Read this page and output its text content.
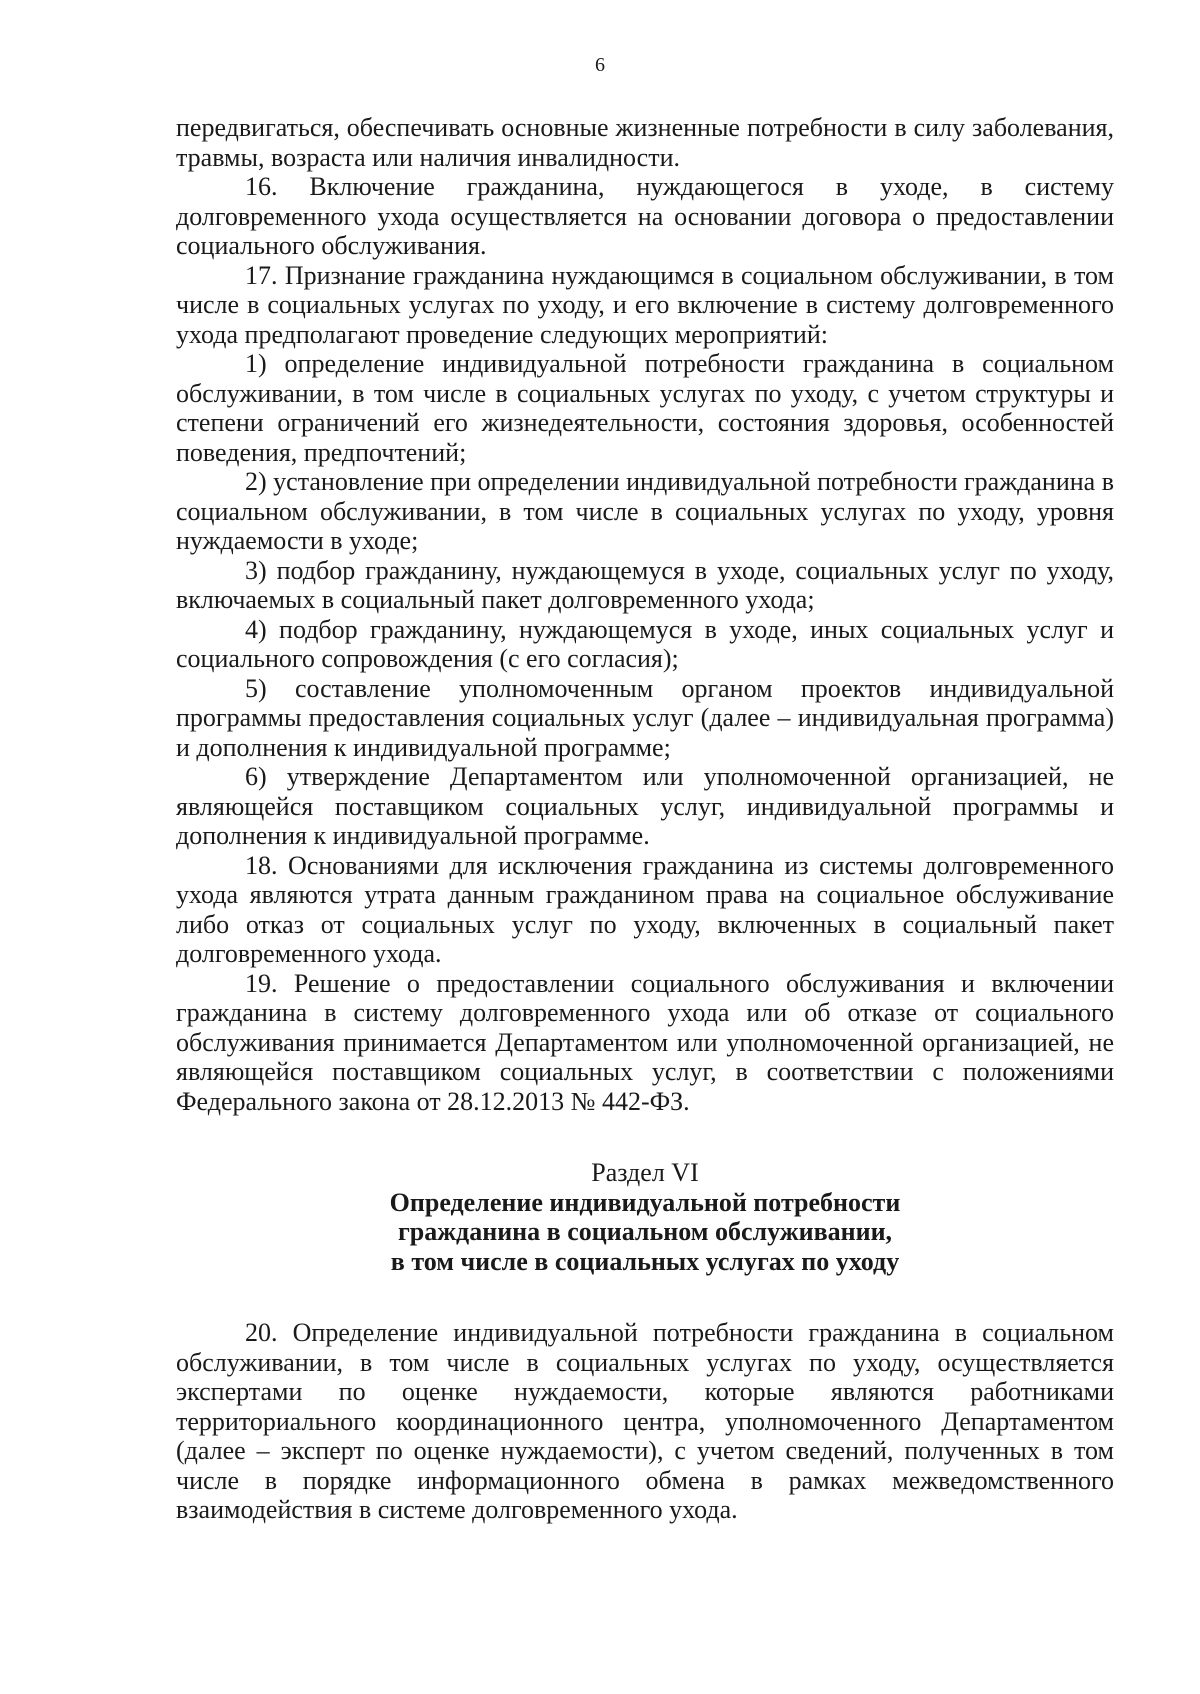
6

передвигаться, обеспечивать основные жизненные потребности в силу заболевания, травмы, возраста или наличия инвалидности.

16. Включение гражданина, нуждающегося в уходе, в систему долговременного ухода осуществляется на основании договора о предоставлении социального обслуживания.

17. Признание гражданина нуждающимся в социальном обслуживании, в том числе в социальных услугах по уходу, и его включение в систему долговременного ухода предполагают проведение следующих мероприятий:

1) определение индивидуальной потребности гражданина в социальном обслуживании, в том числе в социальных услугах по уходу, с учетом структуры и степени ограничений его жизнедеятельности, состояния здоровья, особенностей поведения, предпочтений;

2) установление при определении индивидуальной потребности гражданина в социальном обслуживании, в том числе в социальных услугах по уходу, уровня нуждаемости в уходе;

3) подбор гражданину, нуждающемуся в уходе, социальных услуг по уходу, включаемых в социальный пакет долговременного ухода;

4) подбор гражданину, нуждающемуся в уходе, иных социальных услуг и социального сопровождения (с его согласия);

5) составление уполномоченным органом проектов индивидуальной программы предоставления социальных услуг (далее – индивидуальная программа) и дополнения к индивидуальной программе;

6) утверждение Департаментом или уполномоченной организацией, не являющейся поставщиком социальных услуг, индивидуальной программы и дополнения к индивидуальной программе.

18. Основаниями для исключения гражданина из системы долговременного ухода являются утрата данным гражданином права на социальное обслуживание либо отказ от социальных услуг по уходу, включенных в социальный пакет долговременного ухода.

19. Решение о предоставлении социального обслуживания и включении гражданина в систему долговременного ухода или об отказе от социального обслуживания принимается Департаментом или уполномоченной организацией, не являющейся поставщиком социальных услуг, в соответствии с положениями Федерального закона от 28.12.2013 № 442-ФЗ.

Раздел VI
Определение индивидуальной потребности
гражданина в социальном обслуживании,
в том числе в социальных услугах по уходу

20. Определение индивидуальной потребности гражданина в социальном обслуживании, в том числе в социальных услугах по уходу, осуществляется экспертами по оценке нуждаемости, которые являются работниками территориального координационного центра, уполномоченного Департаментом (далее – эксперт по оценке нуждаемости), с учетом сведений, полученных в том числе в порядке информационного обмена в рамках межведомственного взаимодействия в системе долговременного ухода.
